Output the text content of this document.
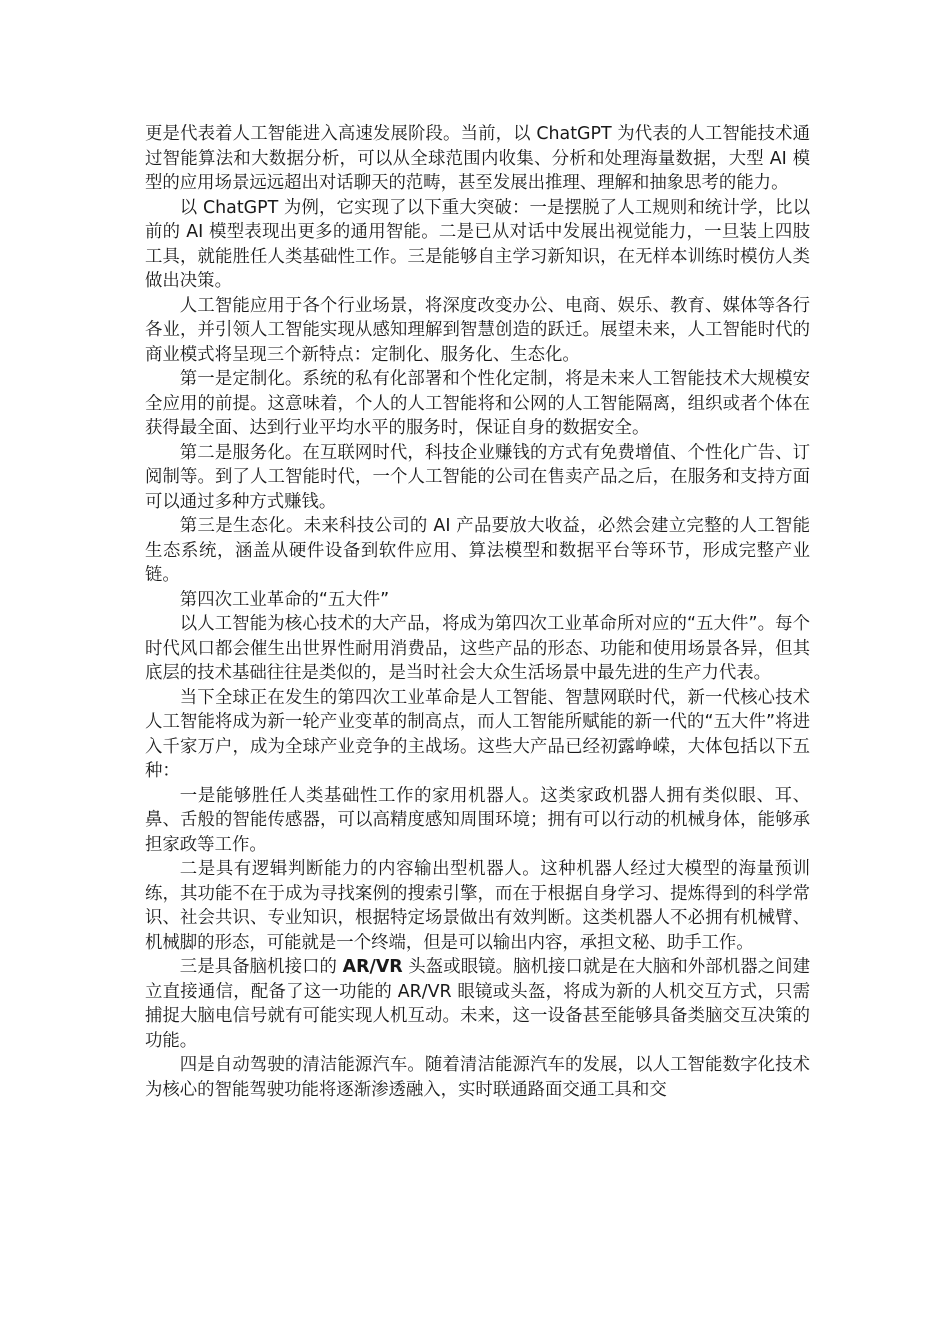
更是代表着人工智能进入高速发展阶段。当前，以 ChatGPT 为代表的人工智能技术通过智能算法和大数据分析，可以从全球范围内收集、分析和处理海量数据，大型 AI 模型的应用场景远远超出对话聊天的范畴，甚至发展出推理、理解和抽象思考的能力。

以 ChatGPT 为例，它实现了以下重大突破：一是摆脱了人工规则和统计学，比以前的 AI 模型表现出更多的通用智能。二是已从对话中发展出视觉能力，一旦装上四肢工具，就能胜任人类基础性工作。三是能够自主学习新知识，在无样本训练时模仿人类做出决策。

人工智能应用于各个行业场景，将深度改变办公、电商、娱乐、教育、媒体等各行各业，并引领人工智能实现从感知理解到智慧创造的跃迁。展望未来，人工智能时代的商业模式将呈现三个新特点：定制化、服务化、生态化。

第一是定制化。系统的私有化部署和个性化定制，将是未来人工智能技术大规模安全应用的前提。这意味着，个人的人工智能将和公网的人工智能隔离，组织或者个体在获得最全面、达到行业平均水平的服务时，保证自身的数据安全。

第二是服务化。在互联网时代，科技企业赚钱的方式有免费增值、个性化广告、订阅制等。到了人工智能时代，一个人工智能的公司在售卖产品之后，在服务和支持方面可以通过多种方式赚钱。

第三是生态化。未来科技公司的 AI 产品要放大收益，必然会建立完整的人工智能生态系统，涵盖从硬件设备到软件应用、算法模型和数据平台等环节，形成完整产业链。

第四次工业革命的“五大件”

以人工智能为核心技术的大产品，将成为第四次工业革命所对应的“五大件”。每个时代风口都会催生出世界性耐用消费品，这些产品的形态、功能和使用场景各异，但其底层的技术基础往往是类似的，是当时社会大众生活场景中最先进的生产力代表。

当下全球正在发生的第四次工业革命是人工智能、智慧网联时代，新一代核心技术人工智能将成为新一轮产业变革的制高点，而人工智能所赋能的新一代的“五大件”将进入千家万户，成为全球产业竞争的主战场。这些大产品已经初露峥嵘，大体包括以下五种：

一是能够胜任人类基础性工作的家用机器人。这类家政机器人拥有类似眼、耳、鼻、舌般的智能传感器，可以高精度感知周围环境；拥有可以行动的机械身体，能够承担家政等工作。

二是具有逻辑判断能力的内容输出型机器人。这种机器人经过大模型的海量预训练，其功能不在于成为寻找案例的搜索引擎，而在于根据自身学习、提炼得到的科学常识、社会共识、专业知识，根据特定场景做出有效判断。这类机器人不必拥有机械臂、机械脚的形态，可能就是一个终端，但是可以输出内容，承担文秘、助手工作。

三是具备脑机接口的 AR/VR 头盔或眼镜。脑机接口就是在大脑和外部机器之间建立直接通信，配备了这一功能的 AR/VR 眼镜或头盔，将成为新的人机交互方式，只需捕捉大脑电信号就有可能实现人机互动。未来，这一设备甚至能够具备类脑交互决策的功能。

四是自动驾驶的清洁能源汽车。随着清洁能源汽车的发展，以人工智能数字化技术为核心的智能驾驶功能将逐渐渗透融入，实时联通路面交通工具和交
